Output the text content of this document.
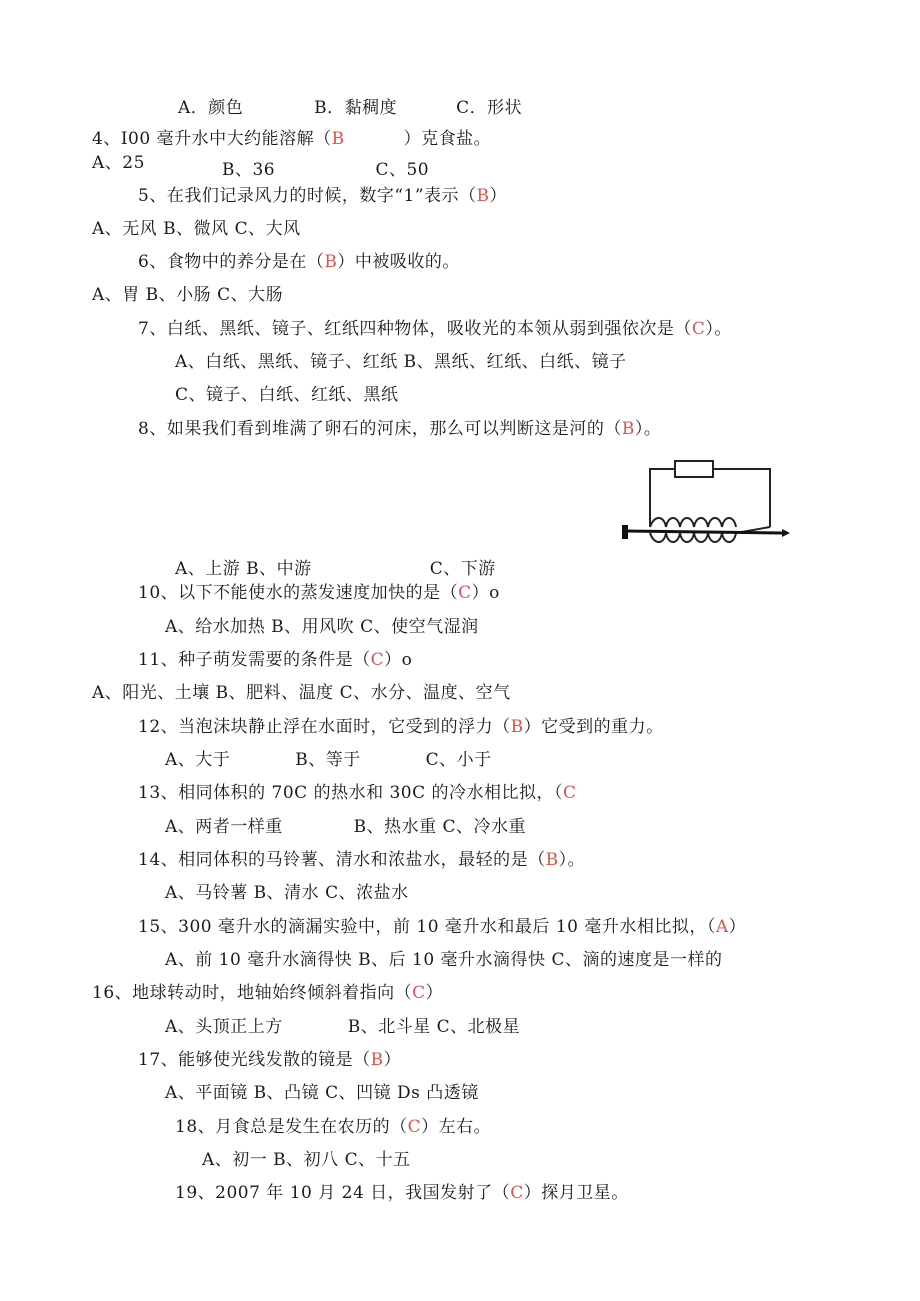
A．颜色            B．黏稠度          C．形状
4、I00 毫升水中大约能溶解（B          ）克食盐。
A、25	B、36                 C、50
5、在我们记录风力的时候，数字“1”表示（B）
A、无风 B、微风 C、大风
6、食物中的养分是在（B）中被吸收的。
A、胃 B、小肠 C、大肠
7、白纸、黑纸、镜子、红纸四种物体，吸收光的本领从弱到强依次是（C）。
A、白纸、黑纸、镜子、红纸 B、黑纸、红纸、白纸、镜子
C、镜子、白纸、红纸、黑纸
8、如果我们看到堆满了卵石的河床，那么可以判断这是河的（B）。
A、上游 B、中游                    C、下游
10、以下不能使水的蒸发速度加快的是（C）o
A、给水加热 B、用风吹 C、使空气湿润
11、种子萌发需要的条件是（C）o
A、阳光、土壤 B、肥料、温度 C、水分、温度、空气
12、当泡沫块静止浮在水面时，它受到的浮力（B）它受到的重力。
A、大于           B、等于           C、小于
13、相同体积的 70C 的热水和 30C 的冷水相比拟，（C
A、两者一样重            B、热水重 C、冷水重
14、相同体积的马铃薯、清水和浓盐水，最轻的是（B）。
A、马铃薯 B、清水 C、浓盐水
15、300 毫升水的滴漏实验中，前 10 毫升水和最后 10 毫升水相比拟，（A）
A、前 10 毫升水滴得快 B、后 10 毫升水滴得快 C、滴的速度是一样的
16、地球转动时，地轴始终倾斜着指向（C）
A、头顶正上方           B、北斗星 C、北极星
17、能够使光线发散的镜是（B）
A、平面镜 B、凸镜 C、凹镜 Ds 凸透镜
18、月食总是发生在农历的（C）左右。
A、初一 B、初八 C、十五
19、2007 年 10 月 24 日，我国发射了（C）探月卫星。
